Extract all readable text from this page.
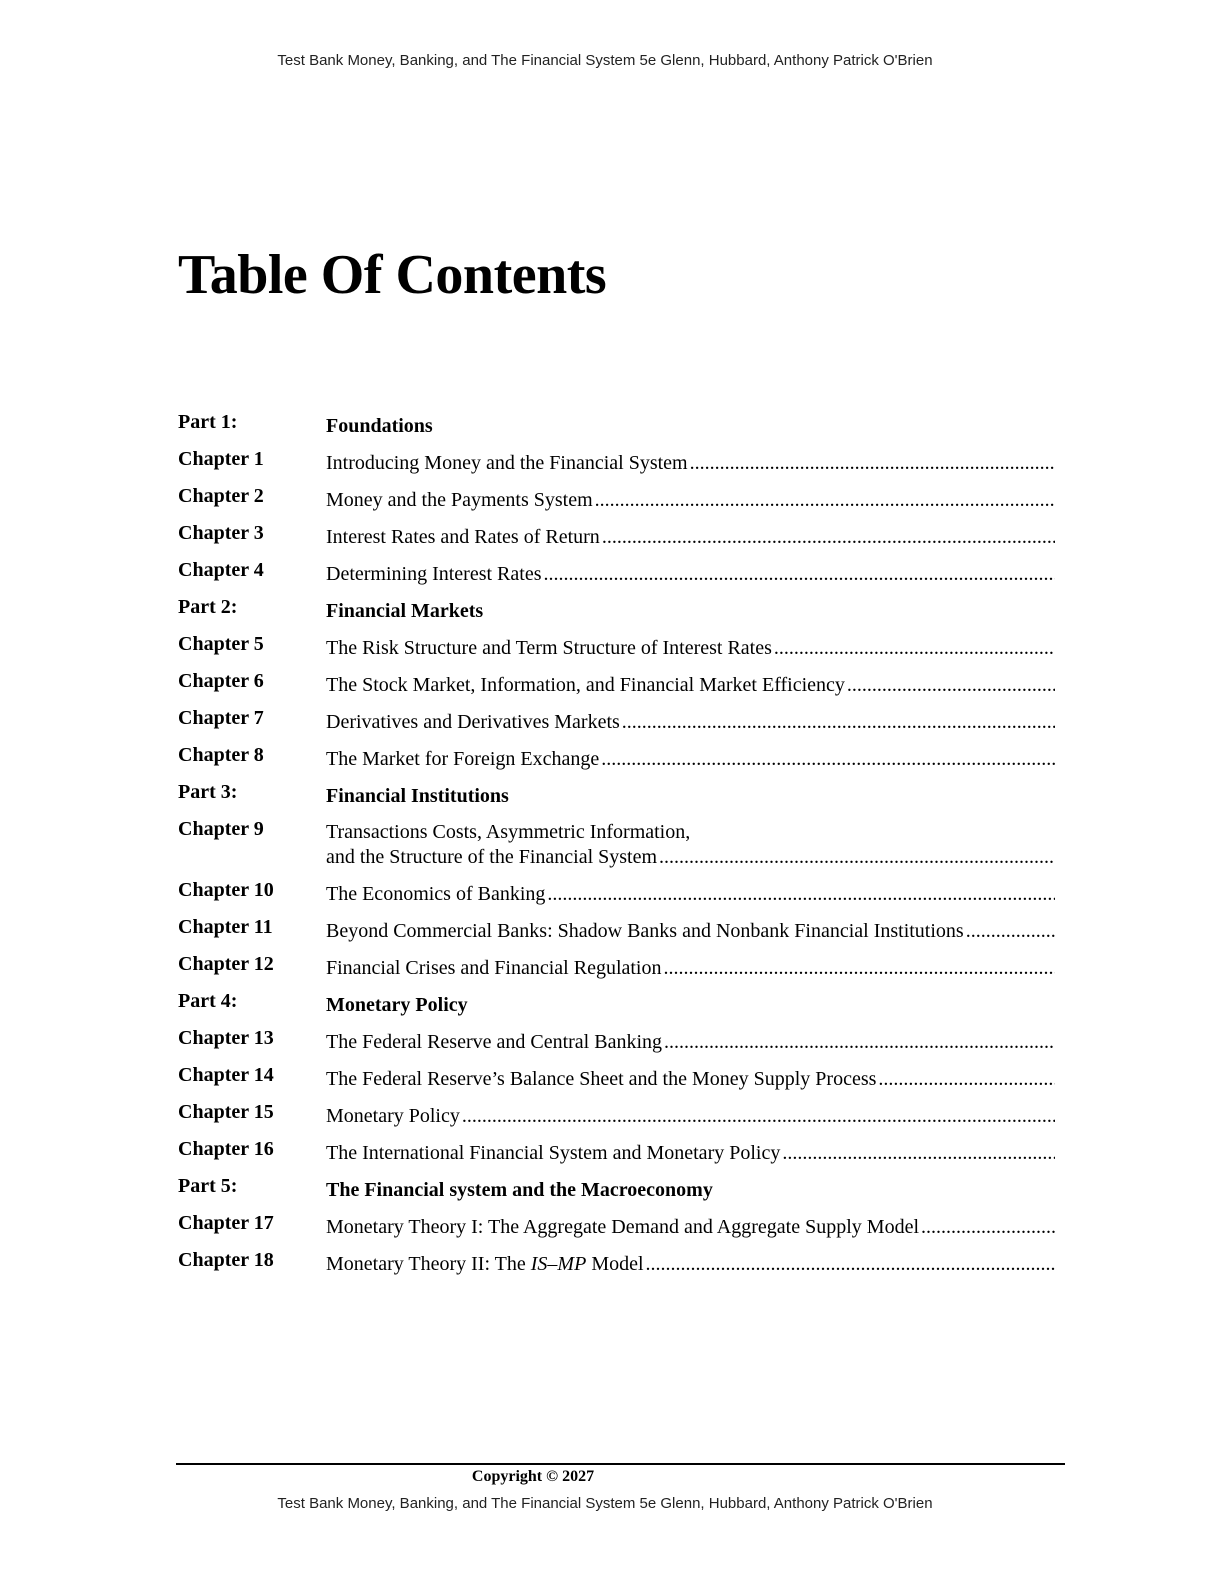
Test Bank Money, Banking, and The Financial System 5e Glenn, Hubbard, Anthony Patrick O'Brien
Table Of Contents
Part 1:	Foundations
Chapter 1	Introducing Money and the Financial System
.....
Chapter 2	Money and the Payments System
.....
Chapter 3	Interest Rates and Rates of Return
.....
Chapter 4	Determining Interest Rates
.....
Part 2:	Financial Markets
Chapter 5	The Risk Structure and Term Structure of Interest Rates
.....
Chapter 6	The Stock Market, Information, and Financial Market Efficiency
.....
Chapter 7	Derivatives and Derivatives Markets
.....
Chapter 8	The Market for Foreign Exchange
.....
Part 3:	Financial Institutions
Chapter 9	Transactions Costs, Asymmetric Information,
and the Structure of the Financial System
.....
Chapter 10	The Economics of Banking
.....
Chapter 11	Beyond Commercial Banks: Shadow Banks and Nonbank Financial Institutions
.....
Chapter 12	Financial Crises and Financial Regulation
.....
Part 4:	Monetary Policy
Chapter 13	The Federal Reserve and Central Banking
.....
Chapter 14	The Federal Reserve’s Balance Sheet and the Money Supply Process
.....
Chapter 15	Monetary Policy
.....
Chapter 16	The International Financial System and Monetary Policy
.....
Part 5:	The Financial system and the Macroeconomy
Chapter 17	Monetary Theory I: The Aggregate Demand and Aggregate Supply Model
.....
Chapter 18	Monetary Theory II: The IS–MP Model
.....
Copyright © 2027
Test Bank Money, Banking, and The Financial System 5e Glenn, Hubbard, Anthony Patrick O'Brien
